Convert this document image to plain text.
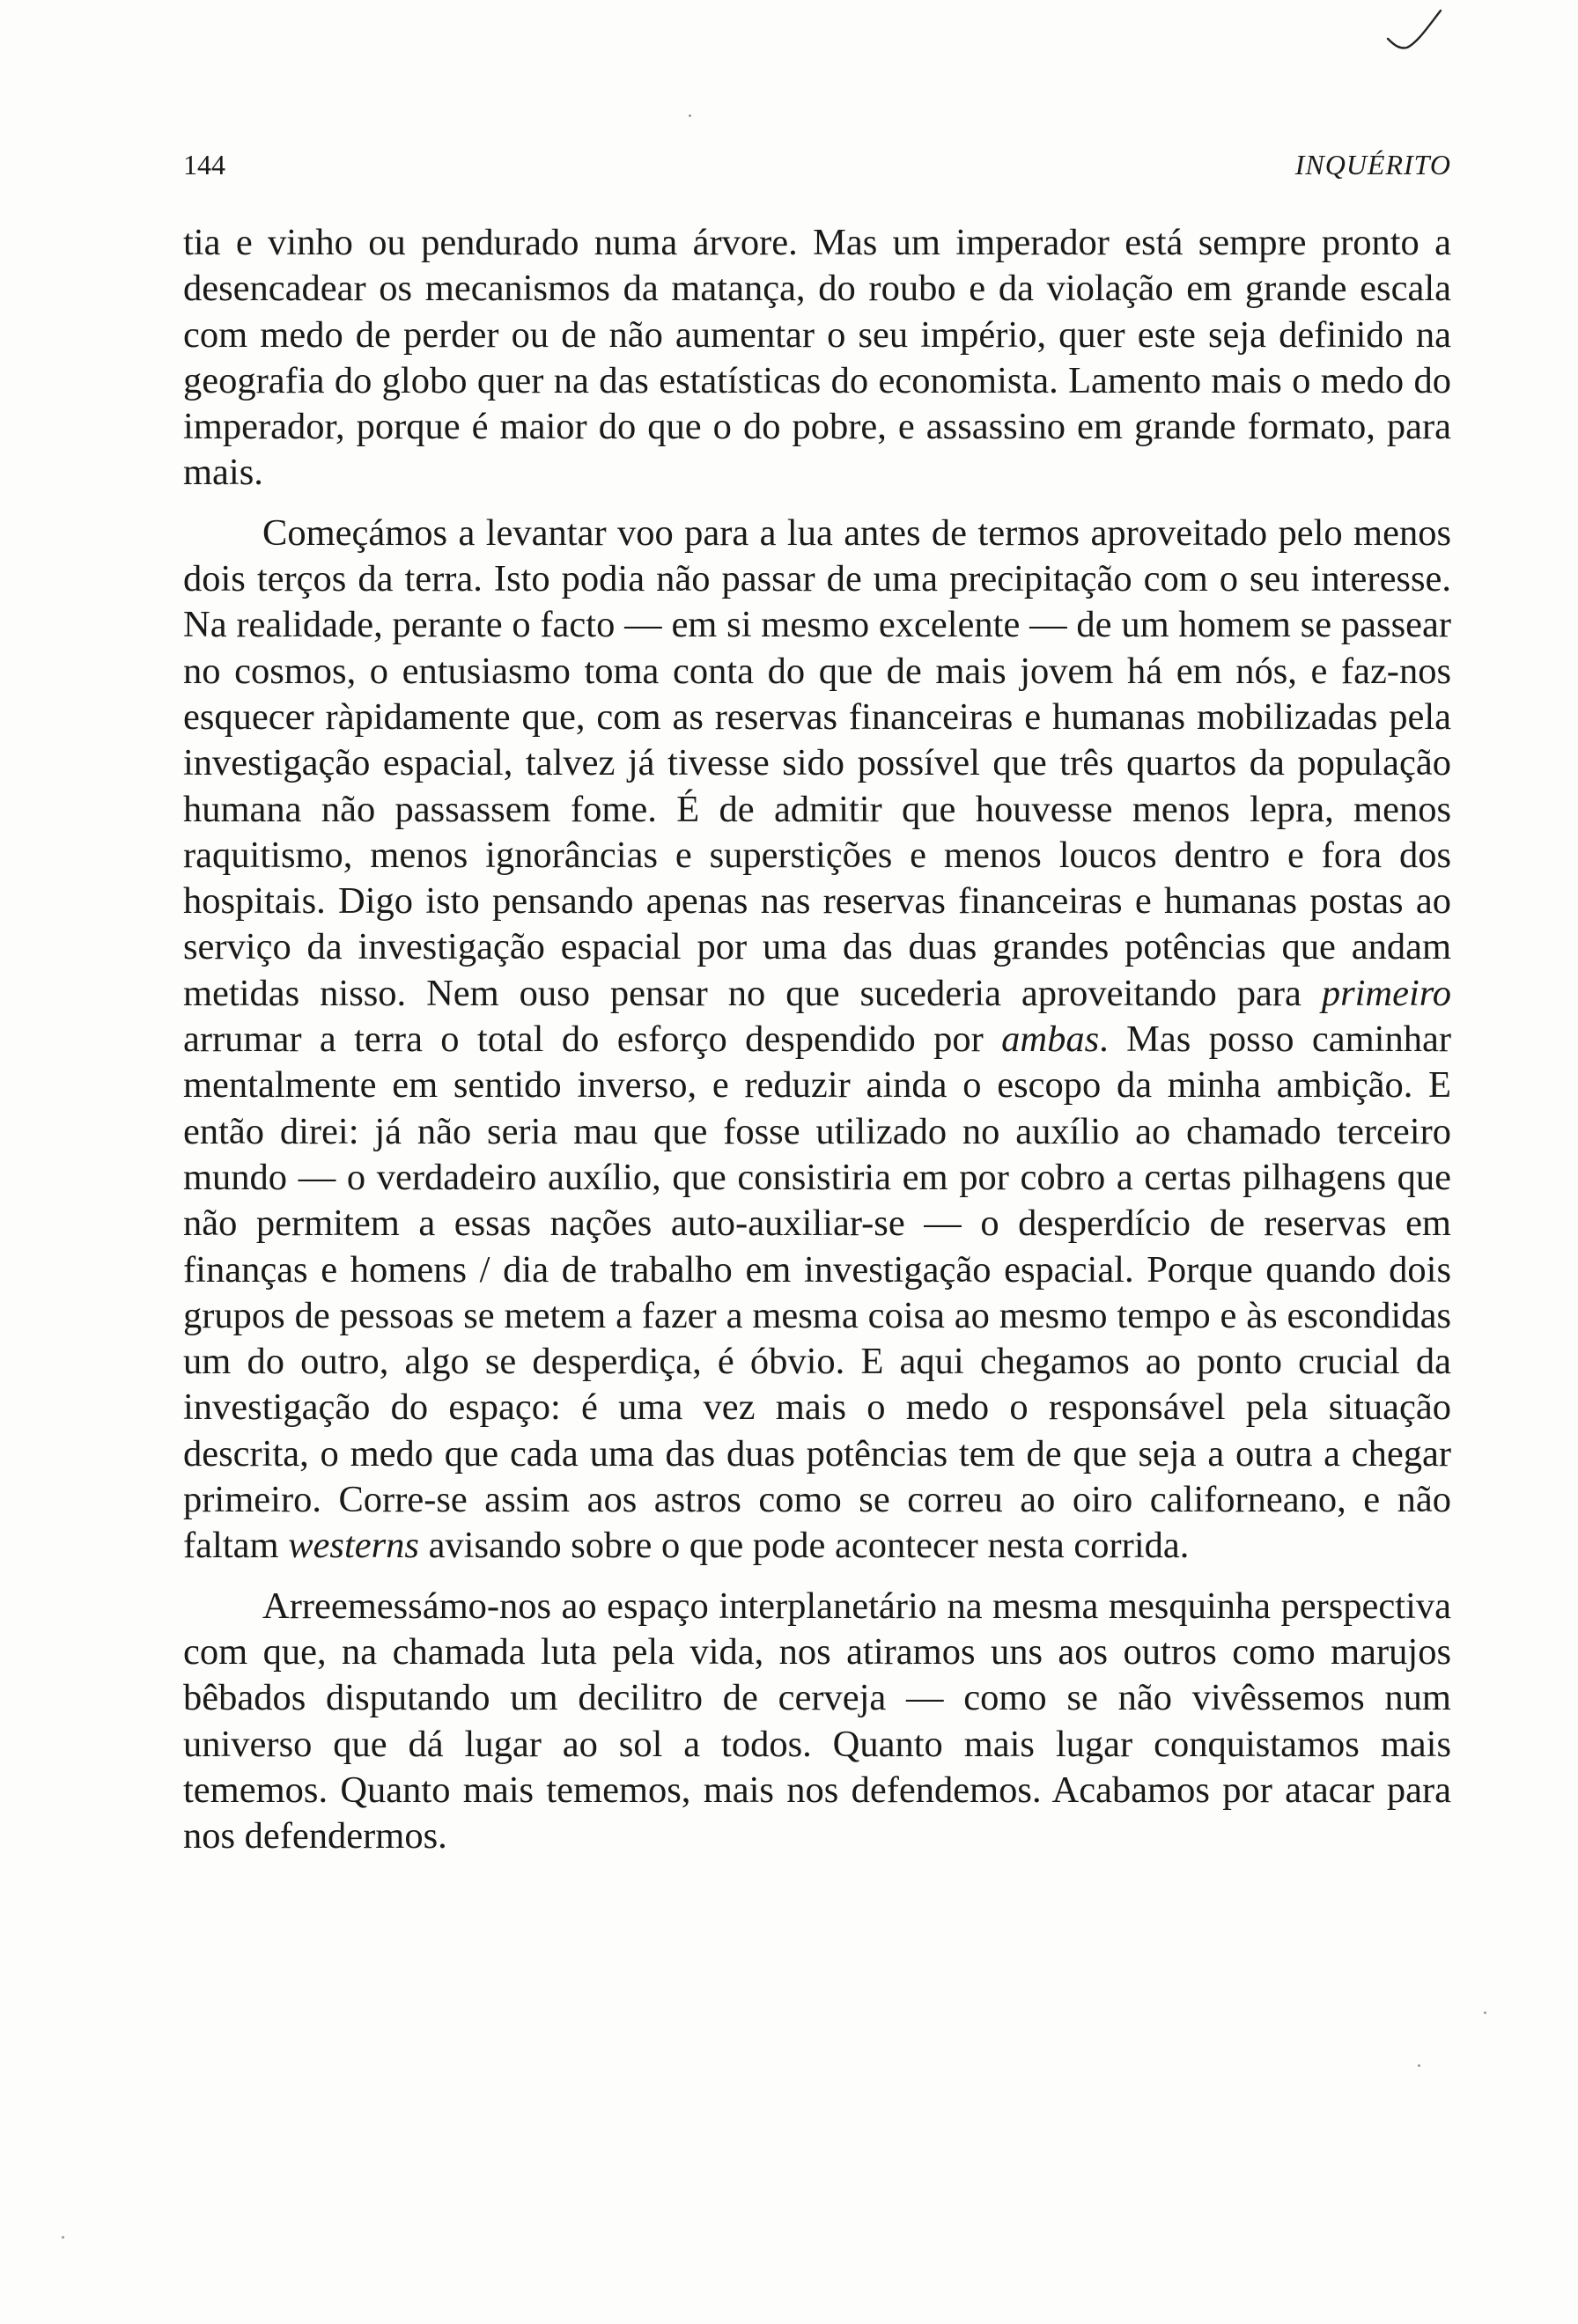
144	INQUÉRITO

tia e vinho ou pendurado numa árvore. Mas um imperador está sempre pronto a desencadear os mecanismos da matança, do roubo e da violação em grande escala com medo de perder ou de não aumentar o seu império, quer este seja definido na geografia do globo quer na das estatísticas do economista. Lamento mais o medo do imperador, porque é maior do que o do pobre, e assassino em grande formato, para mais.

Começámos a levantar voo para a lua antes de termos aproveitado pelo menos dois terços da terra. Isto podia não passar de uma precipitação com o seu interesse. Na realidade, perante o facto — em si mesmo excelente — de um homem se passear no cosmos, o entusiasmo toma conta do que de mais jovem há em nós, e faz-nos esquecer ràpidamente que, com as reservas financeiras e humanas mobilizadas pela investigação espacial, talvez já tivesse sido possível que três quartos da população humana não passassem fome. É de admitir que houvesse menos lepra, menos raquitismo, menos ignorâncias e superstições e menos loucos dentro e fora dos hospitais. Digo isto pensando apenas nas reservas financeiras e humanas postas ao serviço da investigação espacial por uma das duas grandes potências que andam metidas nisso. Nem ouso pensar no que sucederia aproveitando para primeiro arrumar a terra o total do esforço despendido por ambas. Mas posso caminhar mentalmente em sentido inverso, e reduzir ainda o escopo da minha ambição. E então direi: já não seria mau que fosse utilizado no auxílio ao chamado terceiro mundo — o verdadeiro auxílio, que consistiria em por cobro a certas pilhagens que não permitem a essas nações auto-auxiliar-se — o desperdício de reservas em finanças e homens / dia de trabalho em investigação espacial. Porque quando dois grupos de pessoas se metem a fazer a mesma coisa ao mesmo tempo e às escondidas um do outro, algo se desperdiça, é óbvio. E aqui chegamos ao ponto crucial da investigação do espaço: é uma vez mais o medo o responsável pela situação descrita, o medo que cada uma das duas potências tem de que seja a outra a chegar primeiro. Corre-se assim aos astros como se correu ao oiro californeano, e não faltam westerns avisando sobre o que pode acontecer nesta corrida.

Arreemessámo-nos ao espaço interplanetário na mesma mesquinha perspectiva com que, na chamada luta pela vida, nos atiramos uns aos outros como marujos bêbados disputando um decilitro de cerveja — como se não vivêssemos num universo que dá lugar ao sol a todos. Quanto mais lugar conquistamos mais tememos. Quanto mais tememos, mais nos defendemos. Acabamos por atacar para nos defendermos.
